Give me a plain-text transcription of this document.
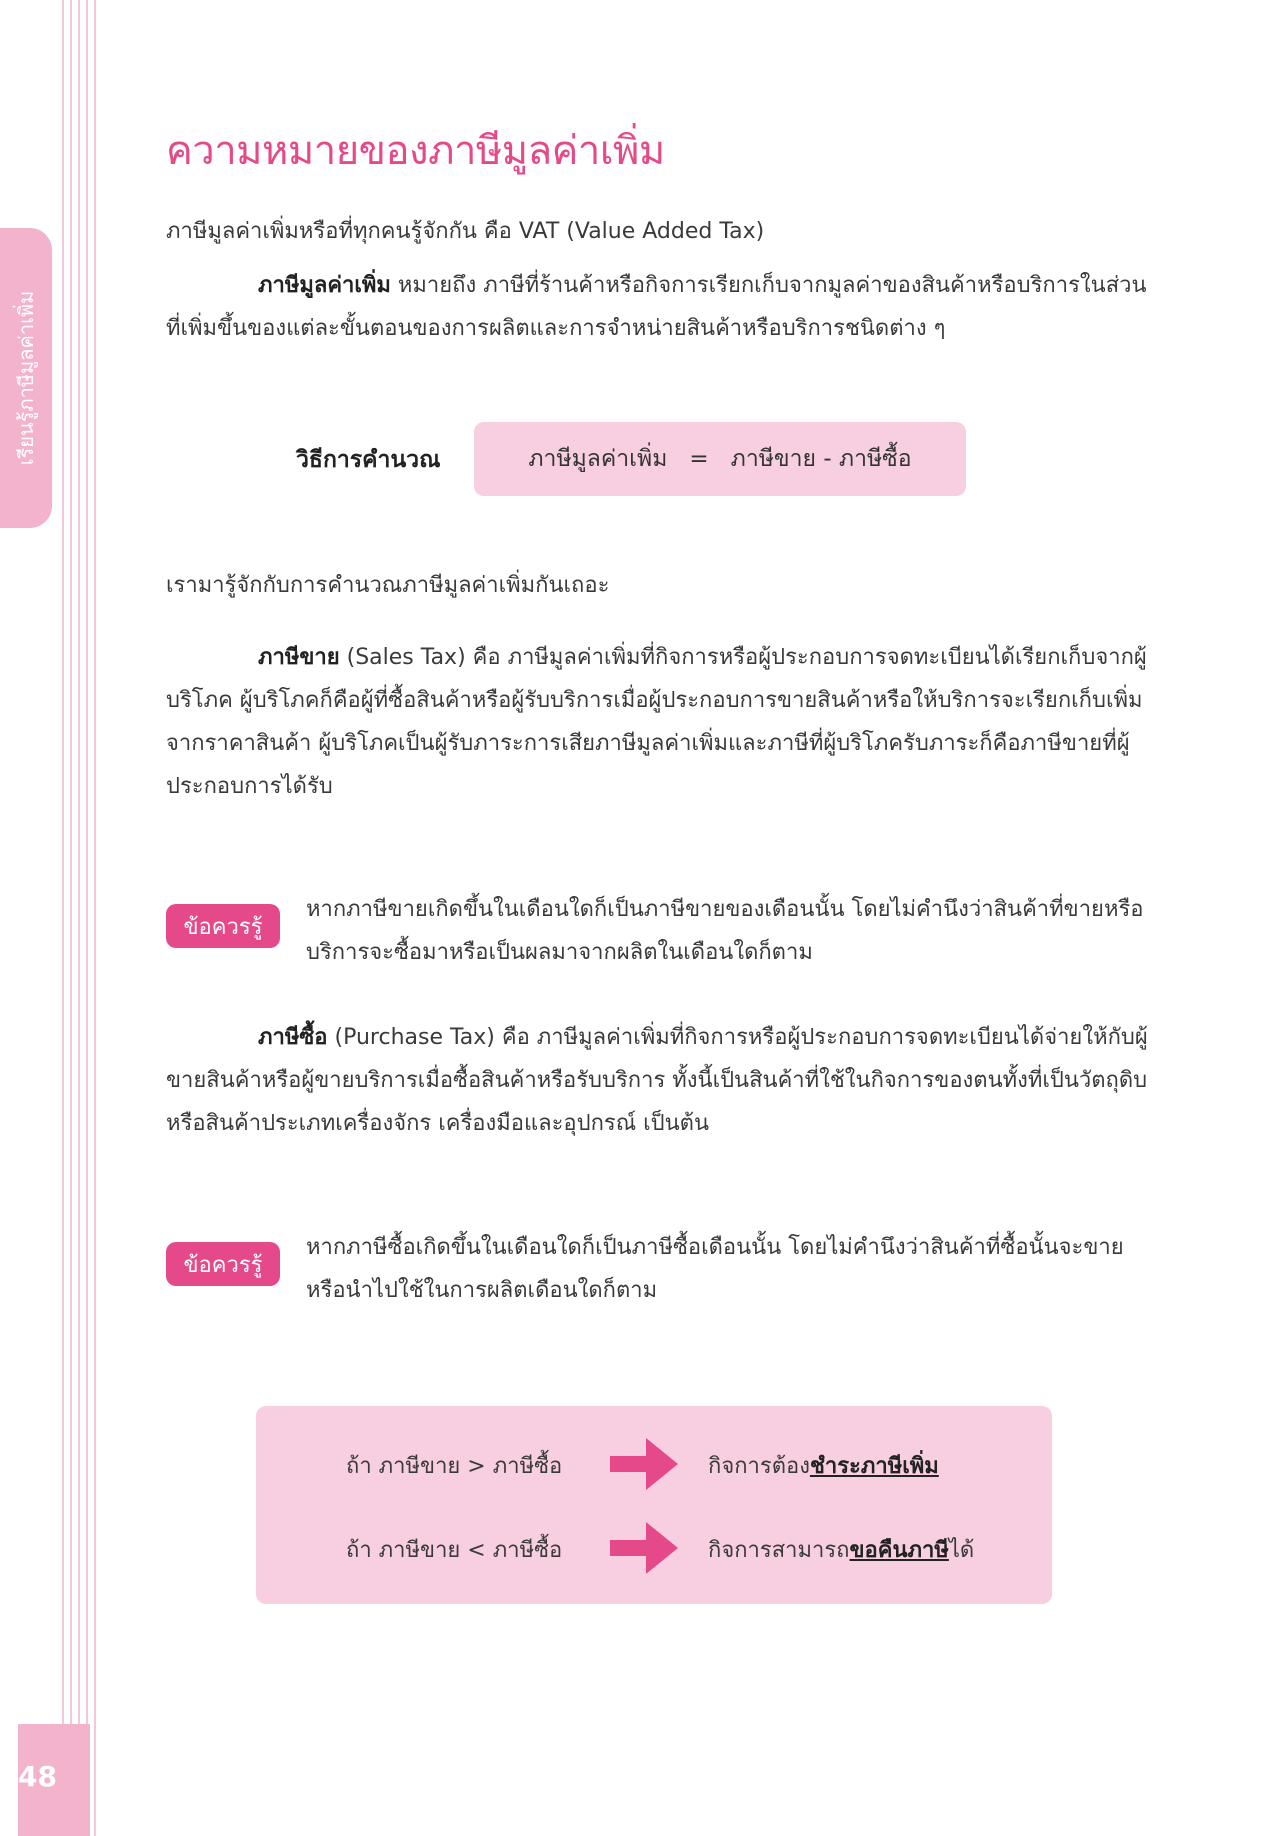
เรียนรู้ภาษีมูลค่าเพิ่ม
48
ความหมายของภาษีมูลค่าเพิ่ม
ภาษีมูลค่าเพิ่มหรือที่ทุกคนรู้จักกัน คือ VAT (Value Added Tax)
ภาษีมูลค่าเพิ่ม หมายถึง ภาษีที่ร้านค้าหรือกิจการเรียกเก็บจากมูลค่าของสินค้าหรือบริการในส่วนที่เพิ่มขึ้นของแต่ละขั้นตอนของการผลิตและการจำหน่ายสินค้าหรือบริการชนิดต่าง ๆ
วิธีการคำนวณ	ภาษีมูลค่าเพิ่ม = ภาษีขาย - ภาษีซื้อ
เรามารู้จักกับการคำนวณภาษีมูลค่าเพิ่มกันเถอะ
ภาษีขาย (Sales Tax) คือ ภาษีมูลค่าเพิ่มที่กิจการหรือผู้ประกอบการจดทะเบียนได้เรียกเก็บจากผู้บริโภค ผู้บริโภคก็คือผู้ที่ซื้อสินค้าหรือผู้รับบริการเมื่อผู้ประกอบการขายสินค้าหรือให้บริการจะเรียกเก็บเพิ่มจากราคาสินค้า ผู้บริโภคเป็นผู้รับภาระการเสียภาษีมูลค่าเพิ่มและภาษีที่ผู้บริโภครับภาระก็คือภาษีขายที่ผู้ประกอบการได้รับ
ข้อควรรู้
หากภาษีขายเกิดขึ้นในเดือนใดก็เป็นภาษีขายของเดือนนั้น โดยไม่คำนึงว่าสินค้าที่ขายหรือบริการจะซื้อมาหรือเป็นผลมาจากผลิตในเดือนใดก็ตาม
ภาษีซื้อ (Purchase Tax) คือ ภาษีมูลค่าเพิ่มที่กิจการหรือผู้ประกอบการจดทะเบียนได้จ่ายให้กับผู้ขายสินค้าหรือผู้ขายบริการเมื่อซื้อสินค้าหรือรับบริการ ทั้งนี้เป็นสินค้าที่ใช้ในกิจการของตนทั้งที่เป็นวัตถุดิบหรือสินค้าประเภทเครื่องจักร เครื่องมือและอุปกรณ์ เป็นต้น
ข้อควรรู้
หากภาษีซื้อเกิดขึ้นในเดือนใดก็เป็นภาษีซื้อเดือนนั้น โดยไม่คำนึงว่าสินค้าที่ซื้อนั้นจะขายหรือนำไปใช้ในการผลิตเดือนใดก็ตาม
ถ้า ภาษีขาย > ภาษีซื้อ	กิจการต้องชำระภาษีเพิ่ม
ถ้า ภาษีขาย < ภาษีซื้อ	กิจการสามารถขอคืนภาษีได้
